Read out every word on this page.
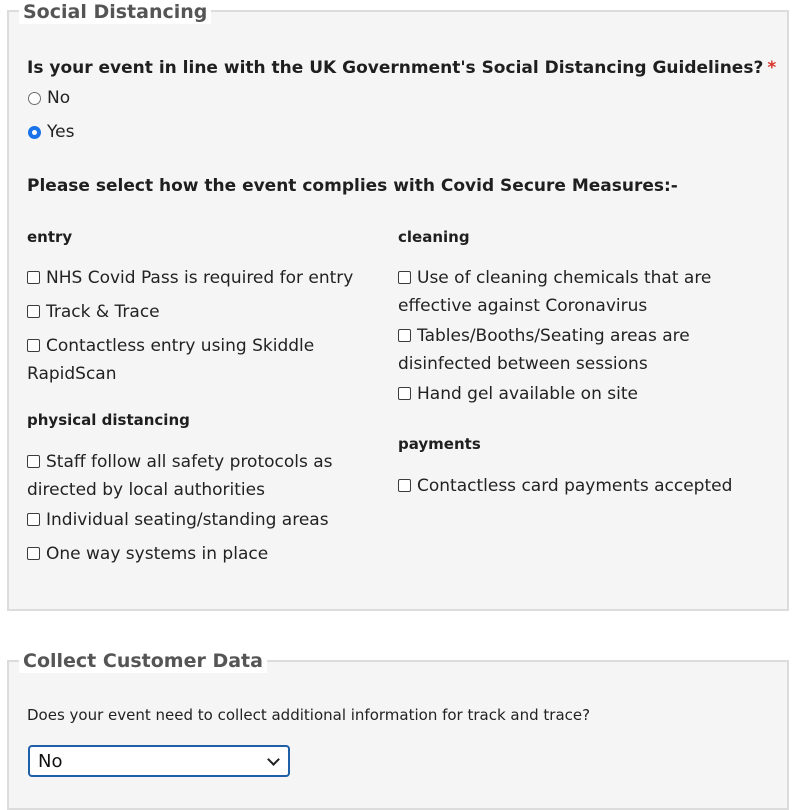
Social Distancing
Is your event in line with the UK Government's Social Distancing Guidelines? *
No
Yes
Please select how the event complies with Covid Secure Measures:-
entry
NHS Covid Pass is required for entry
Track & Trace
Contactless entry using Skiddle RapidScan
physical distancing
Staff follow all safety protocols as directed by local authorities
Individual seating/standing areas
One way systems in place
cleaning
Use of cleaning chemicals that are effective against Coronavirus
Tables/Booths/Seating areas are disinfected between sessions
Hand gel available on site
payments
Contactless card payments accepted
Collect Customer Data
Does your event need to collect additional information for track and trace?
No
